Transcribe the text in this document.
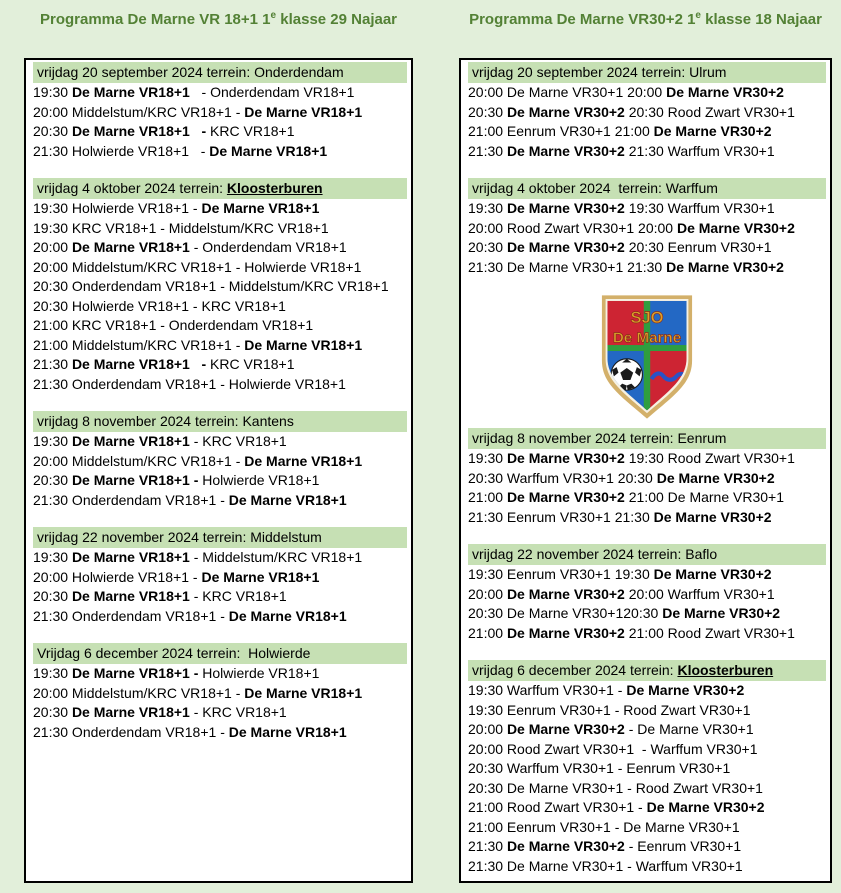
Programma De Marne VR 18+1 1e klasse 29 Najaar
vrijdag 20 september 2024 terrein: Onderdendam
19:30 De Marne VR18+1   - Onderdendam VR18+1
20:00 Middelstum/KRC VR18+1 - De Marne VR18+1
20:30 De Marne VR18+1   - KRC VR18+1
21:30 Holwierde VR18+1   - De Marne VR18+1
vrijdag 4 oktober 2024 terrein: Kloosterburen
19:30 Holwierde VR18+1 - De Marne VR18+1
19:30 KRC VR18+1 - Middelstum/KRC VR18+1
20:00 De Marne VR18+1 - Onderdendam VR18+1
20:00 Middelstum/KRC VR18+1 - Holwierde VR18+1
20:30 Onderdendam VR18+1 - Middelstum/KRC VR18+1
20:30 Holwierde VR18+1 - KRC VR18+1
21:00 KRC VR18+1 - Onderdendam VR18+1
21:00 Middelstum/KRC VR18+1 - De Marne VR18+1
21:30 De Marne VR18+1   - KRC VR18+1
21:30 Onderdendam VR18+1 - Holwierde VR18+1
vrijdag 8 november 2024 terrein: Kantens
19:30 De Marne VR18+1 - KRC VR18+1
20:00 Middelstum/KRC VR18+1 - De Marne VR18+1
20:30 De Marne VR18+1 - Holwierde VR18+1
21:30 Onderdendam VR18+1 - De Marne VR18+1
vrijdag 22 november 2024 terrein: Middelstum
19:30 De Marne VR18+1 - Middelstum/KRC VR18+1
20:00 Holwierde VR18+1 - De Marne VR18+1
20:30 De Marne VR18+1 - KRC VR18+1
21:30 Onderdendam VR18+1 - De Marne VR18+1
Vrijdag 6 december 2024 terrein:  Holwierde
19:30 De Marne VR18+1 - Holwierde VR18+1
20:00 Middelstum/KRC VR18+1 - De Marne VR18+1
20:30 De Marne VR18+1 - KRC VR18+1
21:30 Onderdendam VR18+1 - De Marne VR18+1
Programma De Marne VR30+2 1e klasse 18 Najaar
vrijdag 20 september 2024 terrein: Ulrum
20:00 De Marne VR30+1 20:00 De Marne VR30+2
20:30 De Marne VR30+2 20:30 Rood Zwart VR30+1
21:00 Eenrum VR30+1 21:00 De Marne VR30+2
21:30 De Marne VR30+2 21:30 Warffum VR30+1
vrijdag 4 oktober 2024  terrein: Warffum
19:30 De Marne VR30+2 19:30 Warffum VR30+1
20:00 Rood Zwart VR30+1 20:00 De Marne VR30+2
20:30 De Marne VR30+2 20:30 Eenrum VR30+1
21:30 De Marne VR30+1 21:30 De Marne VR30+2
SJO
De Marne
vrijdag 8 november 2024 terrein: Eenrum
19:30 De Marne VR30+2 19:30 Rood Zwart VR30+1
20:30 Warffum VR30+1 20:30 De Marne VR30+2
21:00 De Marne VR30+2 21:00 De Marne VR30+1
21:30 Eenrum VR30+1 21:30 De Marne VR30+2
vrijdag 22 november 2024 terrein: Baflo
19:30 Eenrum VR30+1 19:30 De Marne VR30+2
20:00 De Marne VR30+2 20:00 Warffum VR30+1
20:30 De Marne VR30+120:30 De Marne VR30+2
21:00 De Marne VR30+2 21:00 Rood Zwart VR30+1
vrijdag 6 december 2024 terrein: Kloosterburen
19:30 Warffum VR30+1 - De Marne VR30+2
19:30 Eenrum VR30+1 - Rood Zwart VR30+1
20:00 De Marne VR30+2 - De Marne VR30+1
20:00 Rood Zwart VR30+1  - Warffum VR30+1
20:30 Warffum VR30+1 - Eenrum VR30+1
20:30 De Marne VR30+1 - Rood Zwart VR30+1
21:00 Rood Zwart VR30+1 - De Marne VR30+2
21:00 Eenrum VR30+1 - De Marne VR30+1
21:30 De Marne VR30+2 - Eenrum VR30+1
21:30 De Marne VR30+1 - Warffum VR30+1
